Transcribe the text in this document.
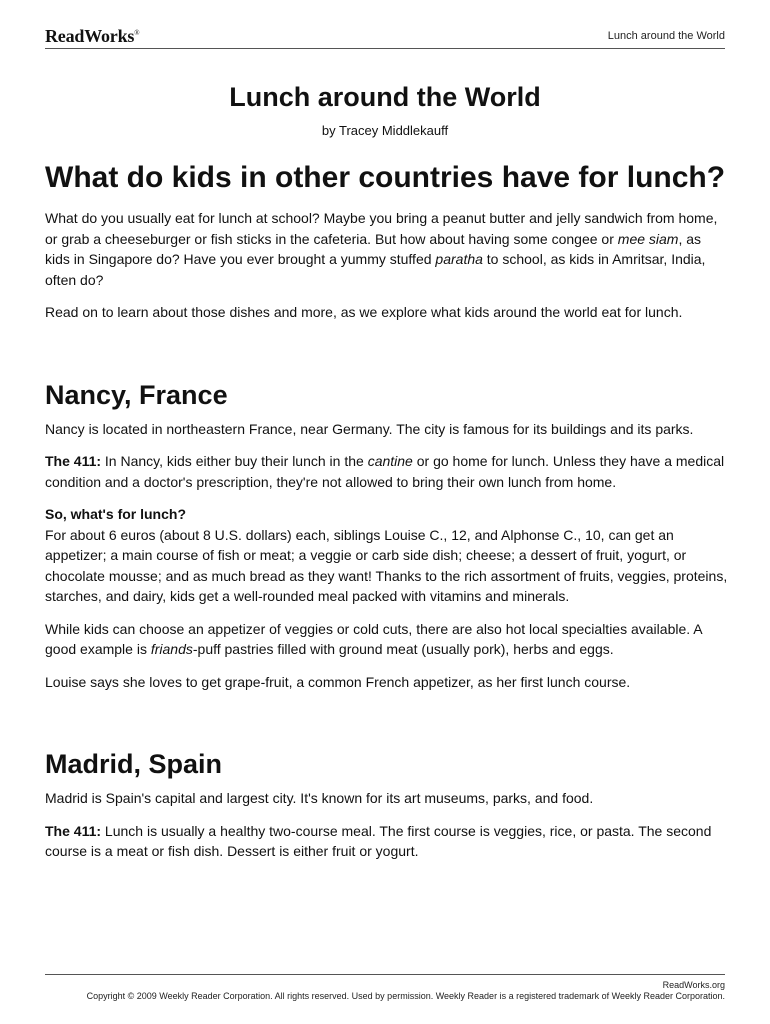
ReadWorks®	Lunch around the World
Lunch around the World
by Tracey Middlekauff
What do kids in other countries have for lunch?

What do you usually eat for lunch at school? Maybe you bring a peanut butter and jelly sandwich from home, or grab a cheeseburger or fish sticks in the cafeteria. But how about having some congee or mee siam, as kids in Singapore do? Have you ever brought a yummy stuffed paratha to school, as kids in Amritsar, India, often do?

Read on to learn about those dishes and more, as we explore what kids around the world eat for lunch.

Nancy, France

Nancy is located in northeastern France, near Germany. The city is famous for its buildings and its parks.

The 411: In Nancy, kids either buy their lunch in the cantine or go home for lunch. Unless they have a medical condition and a doctor's prescription, they're not allowed to bring their own lunch from home.

So, what's for lunch?
For about 6 euros (about 8 U.S. dollars) each, siblings Louise C., 12, and Alphonse C., 10, can get an appetizer; a main course of fish or meat; a veggie or carb side dish; cheese; a dessert of fruit, yogurt, or chocolate mousse; and as much bread as they want! Thanks to the rich assortment of fruits, veggies, proteins, starches, and dairy, kids get a well-rounded meal packed with vitamins and minerals.

While kids can choose an appetizer of veggies or cold cuts, there are also hot local specialties available. A good example is friands-puff pastries filled with ground meat (usually pork), herbs and eggs.

Louise says she loves to get grape-fruit, a common French appetizer, as her first lunch course.

Madrid, Spain

Madrid is Spain's capital and largest city. It's known for its art museums, parks, and food.

The 411: Lunch is usually a healthy two-course meal. The first course is veggies, rice, or pasta. The second course is a meat or fish dish. Dessert is either fruit or yogurt.

ReadWorks.org
Copyright © 2009 Weekly Reader Corporation. All rights reserved. Used by permission. Weekly Reader is a registered trademark of Weekly Reader Corporation.
